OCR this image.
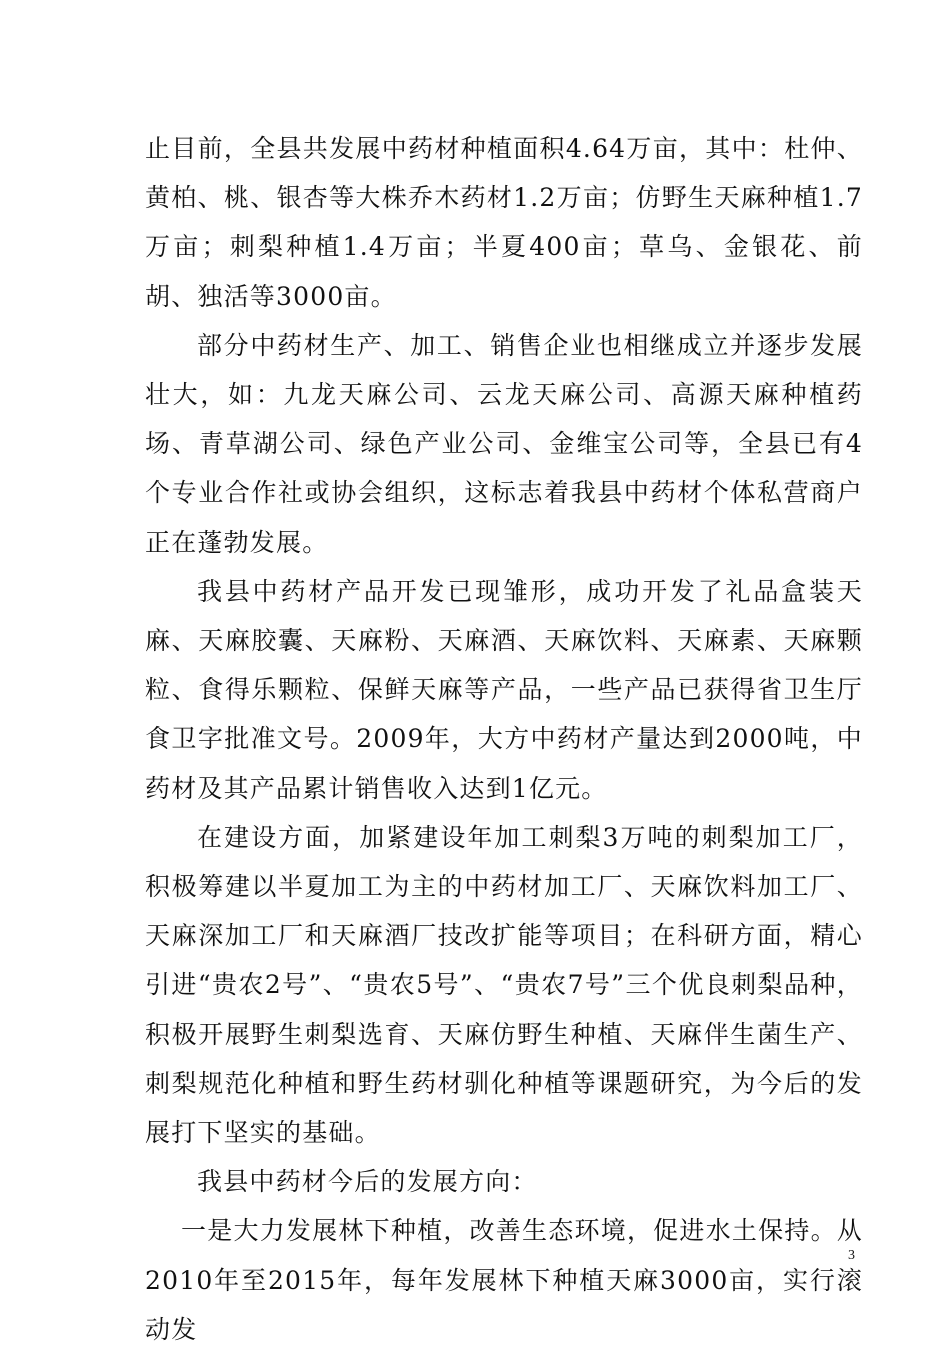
止目前，全县共发展中药材种植面积4.64万亩，其中：杜仲、黄柏、桃、银杏等大株乔木药材1.2万亩；仿野生天麻种植1.7万亩；刺梨种植1.4万亩；半夏400亩；草乌、金银花、前胡、独活等3000亩。

部分中药材生产、加工、销售企业也相继成立并逐步发展壮大，如：九龙天麻公司、云龙天麻公司、高源天麻种植药场、青草湖公司、绿色产业公司、金维宝公司等，全县已有4个专业合作社或协会组织，这标志着我县中药材个体私营商户正在蓬勃发展。

我县中药材产品开发已现雏形，成功开发了礼品盒装天麻、天麻胶囊、天麻粉、天麻酒、天麻饮料、天麻素、天麻颗粒、食得乐颗粒、保鲜天麻等产品，一些产品已获得省卫生厅食卫字批准文号。2009年，大方中药材产量达到2000吨，中药材及其产品累计销售收入达到1亿元。

在建设方面，加紧建设年加工刺梨3万吨的刺梨加工厂，积极筹建以半夏加工为主的中药材加工厂、天麻饮料加工厂、天麻深加工厂和天麻酒厂技改扩能等项目；在科研方面，精心引进“贵农2号”、“贵农5号”、“贵农7号”三个优良刺梨品种，积极开展野生刺梨选育、天麻仿野生种植、天麻伴生菌生产、刺梨规范化种植和野生药材驯化种植等课题研究，为今后的发展打下坚实的基础。

我县中药材今后的发展方向：

一是大力发展林下种植，改善生态环境，促进水土保持。从2010年至2015年，每年发展林下种植天麻3000亩，实行滚动发

3
